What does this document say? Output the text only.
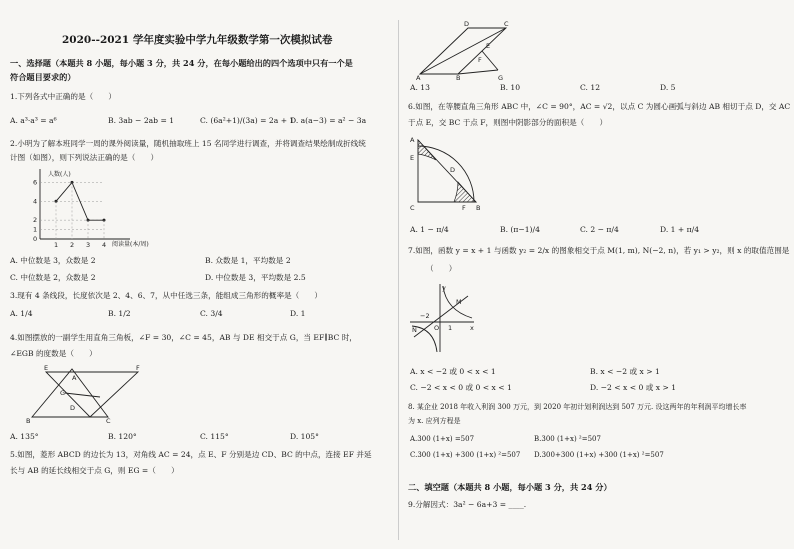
2020--2021 学年度实验中学九年级数学第一次模拟试卷
一、选择题（本题共 8 小题，每小题 3 分，共 24 分，在每小题给出的四个选项中只有一个是
符合题目要求的）
1.下列各式中正确的是（　　）
A. a³·a³ = a⁶	B. 3ab − 2ab = 1	C. (6a²+1)/(3a) = 2a + 1
D. a(a−3) = a² − 3a
2.小明为了解本班同学一周的课外阅读量，随机抽取班上 15 名同学进行调查，并将调查结果绘制成折线统
计图（如图），则下列说法正确的是（　　）
6
4
2
1
0
1 2 3 4
人数(人)
阅读量(本/周)
A. 中位数是 3，众数是 2	B. 众数是 1，平均数是 2
C. 中位数是 2，众数是 2	D. 中位数是 3，平均数是 2.5
3.现有 4 条线段，长度依次是 2、4、6、7，从中任选三条，能组成三角形的概率是（　　）
A. 1/4	B. 1/2	C. 3/4	D. 1
4.如图摆放的一副学生用直角三角板，∠F = 30，∠C = 45，AB 与 DE 相交于点 G，当 EF∥BC 时，
∠EGB 的度数是（　　）
E	F
A
G
D
B	C
A. 135°	B. 120°	C. 115°	D. 105°
5.如图，菱形 ABCD 的边长为 13，对角线 AC = 24，点 E、F 分别是边 CD、BC 的中点，连接 EF 并延
长与 AB 的延长线相交于点 G，则 EG =（　　）
A	B
C
D
E
F
G
A. 13	B. 10	C. 12	D. 5
6.如图，在等腰直角三角形 ABC 中，∠C = 90°，AC = √2，以点 C 为圆心画弧与斜边 AB 相切于点 D，交 AC
于点 E，交 BC 于点 F，则图中阴影部分的面积是（　　）
A
C	B
D
E
F
A. 1 − π/4	B. (π−1)/4	C. 2 − π/4	D. 1 + π/4
7.如图，函数 y = x + 1 与函数 y₂ = 2/x 的图象相交于点 M(1, m), N(−2, n)，若 y₁ > y₂，则 x 的取值范围是
（　　）
y
x
M
N	O
−2
1
A. x < −2 或 0 < x < 1	B. x < −2 或 x > 1
C. −2 < x < 0 或 0 < x < 1	D. −2 < x < 0 或 x > 1
8. 某企业 2018 年收入利润 300 万元，到 2020 年初计划利润达到 507 万元. 设这两年的年利润平均增长率
为 x. 应列方程是
A.300 (1+x) =507	B.300 (1+x) ²=507
C.300 (1+x) +300 (1+x) ²=507 D.300+300 (1+x) +300 (1+x) ²=507
二、填空题（本题共 8 小题，每小题 3 分，共 24 分）
9.分解因式：3a² − 6a+3 = ____.
